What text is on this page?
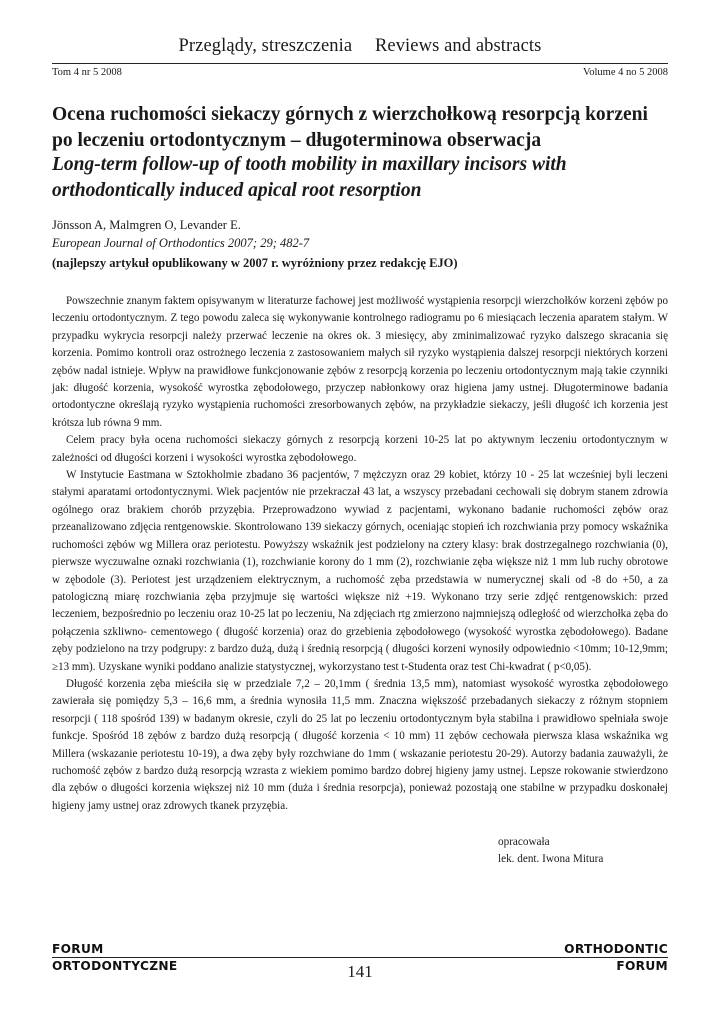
Przeglądy, streszczenia Reviews and abstracts
Tom 4 nr 5 2008	Volume 4 no 5 2008
Ocena ruchomości siekaczy górnych z wierzchołkową resorpcją korzeni po leczeniu ortodontycznym – długoterminowa obserwacja
Long-term follow-up of tooth mobility in maxillary incisors with orthodontically induced apical root resorption
Jönsson A, Malmgren O, Levander E.
European Journal of Orthodontics 2007; 29; 482-7
(najlepszy artykuł opublikowany w 2007 r. wyróżniony przez redakcję EJO)

Powszechnie znanym faktem opisywanym w literaturze fachowej jest możliwość wystąpienia resorpcji wierzchołków korzeni zębów po leczeniu ortodontycznym. Z tego powodu zaleca się wykonywanie kontrolnego radiogramu po 6 miesiącach leczenia aparatem stałym. W przypadku wykrycia resorpcji należy przerwać leczenie na okres ok. 3 miesięcy, aby zminimalizować ryzyko dalszego skracania się korzenia. Pomimo kontroli oraz ostrożnego leczenia z zastosowaniem małych sił ryzyko wystąpienia dalszej resorpcji niektórych korzeni zębów nadal istnieje. Wpływ na prawidłowe funkcjonowanie zębów z resorpcją korzenia po leczeniu ortodontycznym mają takie czynniki jak: długość korzenia, wysokość wyrostka zębodołowego, przyczep nabłonkowy oraz higiena jamy ustnej. Długoterminowe badania ortodontyczne określają ryzyko wystąpienia ruchomości zresorbowanych zębów, na przykładzie siekaczy, jeśli długość ich korzenia jest krótsza lub równa 9 mm.

Celem pracy była ocena ruchomości siekaczy górnych z resorpcją korzeni 10-25 lat po aktywnym leczeniu ortodontycznym w zależności od długości korzeni i wysokości wyrostka zębodołowego.

W Instytucie Eastmana w Sztokholmie zbadano 36 pacjentów, 7 mężczyzn oraz 29 kobiet, którzy 10 - 25 lat wcześniej byli leczeni stałymi aparatami ortodontycznymi. Wiek pacjentów nie przekraczał 43 lat, a wszyscy przebadani cechowali się dobrym stanem zdrowia ogólnego oraz brakiem chorób przyzębia. Przeprowadzono wywiad z pacjentami, wykonano badanie ruchomości zębów oraz przeanalizowano zdjęcia rentgenowskie. Skontrolowano 139 siekaczy górnych, oceniając stopień ich rozchwiania przy pomocy wskaźnika ruchomości zębów wg Millera oraz periotestu. Powyższy wskaźnik jest podzielony na cztery klasy: brak dostrzegalnego rozchwiania (0), pierwsze wyczuwalne oznaki rozchwiania (1), rozchwianie korony do 1 mm (2), rozchwianie zęba większe niż 1 mm lub ruchy obrotowe w zębodole (3). Periotest jest urządzeniem elektrycznym, a ruchomość zęba przedstawia w numerycznej skali od -8 do +50, a za patologiczną miarę rozchwiania zęba przyjmuje się wartości większe niż +19. Wykonano trzy serie zdjęć rentgenowskich: przed leczeniem, bezpośrednio po leczeniu oraz 10-25 lat po leczeniu, Na zdjęciach rtg zmierzono najmniejszą odległość od wierzchołka zęba do połączenia szkliwno- cementowego ( długość korzenia) oraz do grzebienia zębodołowego (wysokość wyrostka zębodołowego). Badane zęby podzielono na trzy podgrupy: z bardzo dużą, dużą i średnią resorpcją ( długości korzeni wynosiły odpowiednio <10mm; 10-12,9mm; ≥13 mm). Uzyskane wyniki poddano analizie statystycznej, wykorzystano test t-Studenta oraz test Chi-kwadrat ( p<0,05).

Długość korzenia zęba mieściła się w przedziale 7,2 – 20,1mm ( średnia 13,5 mm), natomiast wysokość wyrostka zębodołowego zawierała się pomiędzy 5,3 – 16,6 mm, a średnia wynosiła 11,5 mm. Znaczna większość przebadanych siekaczy z różnym stopniem resorpcji ( 118 spośród 139) w badanym okresie, czyli do 25 lat po leczeniu ortodontycznym była stabilna i prawidłowo spełniała swoje funkcje. Spośród 18 zębów z bardzo dużą resorpcją ( długość korzenia < 10 mm) 11 zębów cechowała pierwsza klasa wskaźnika wg Millera (wskazanie periotestu 10-19), a dwa zęby były rozchwiane do 1mm ( wskazanie periotestu 20-29). Autorzy badania zauważyli, że ruchomość zębów z bardzo dużą resorpcją wzrasta z wiekiem pomimo bardzo dobrej higieny jamy ustnej. Lepsze rokowanie stwierdzono dla zębów o długości korzenia większej niż 10 mm (duża i średnia resorpcja), ponieważ pozostają one stabilne w przypadku doskonałej higieny jamy ustnej oraz zdrowych tkanek przyzębia.

opracowała
lek. dent. Iwona Mitura
FORUM
ORTODONTYCZNE
ORTHODONTIC
FORUM
141
